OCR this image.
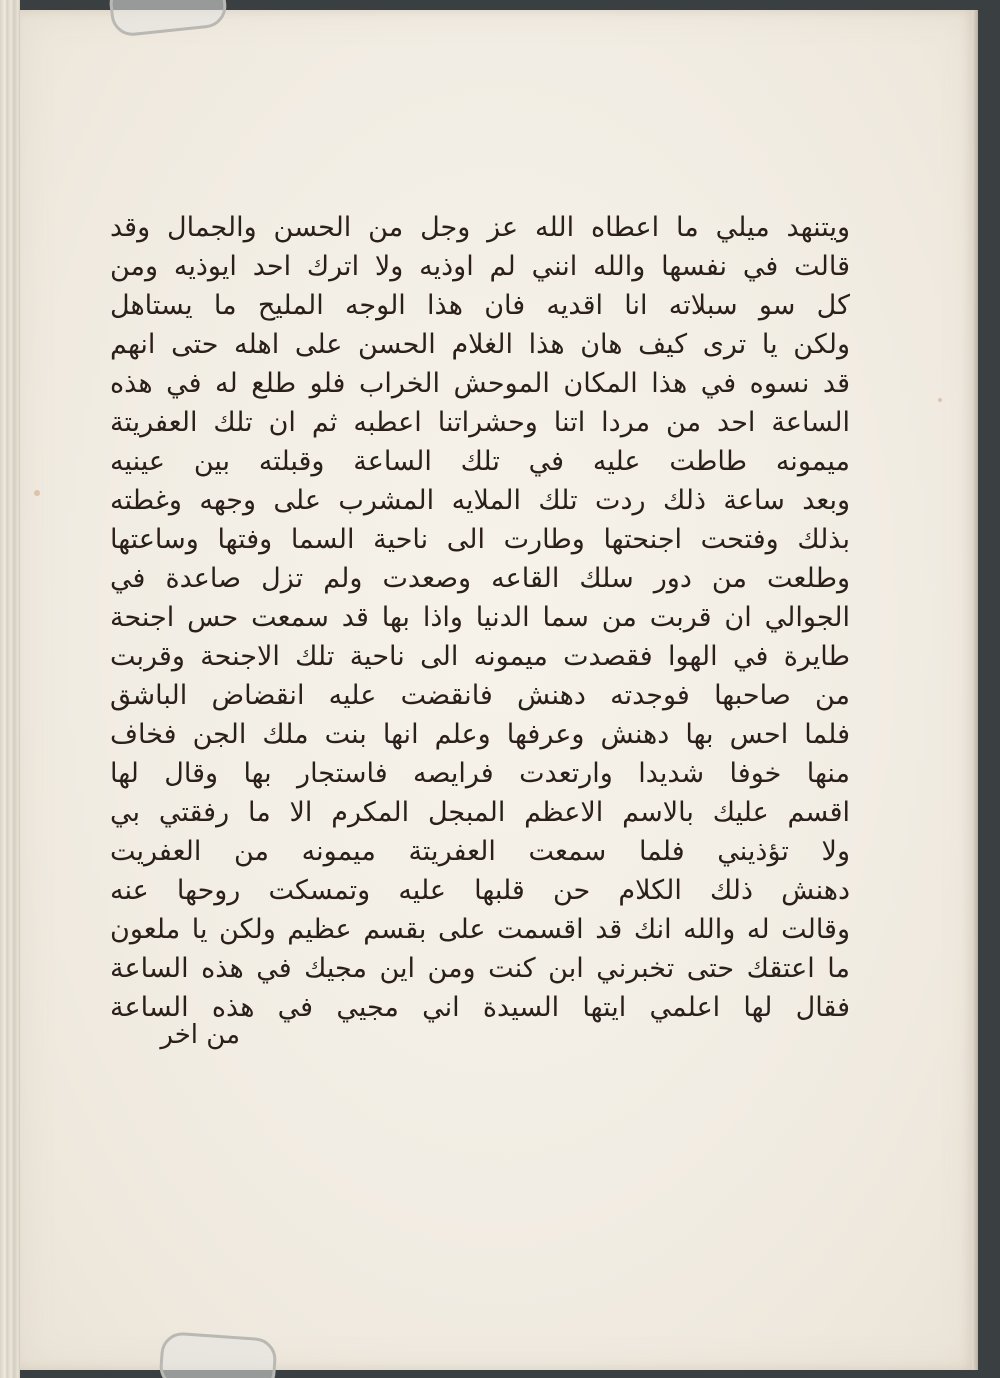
ويتنهد ميلي ما اعطاه الله عز وجل من الحسن والجمال وقد
قالت في نفسها والله انني لم اوذيه ولا اترك احد ايوذيه ومن
كل سو سبلاته انا اقديه فان هذا الوجه المليح ما يستاهل
ولكن يا ترى كيف هان هذا الغلام الحسن على اهله حتى انهم
قد نسوه في هذا المكان الموحش الخراب فلو طلع له في هذه
الساعة احد من مردا اتنا وحشراتنا اعطبه ثم ان تلك العفريتة
ميمونه طاطت عليه في تلك الساعة وقبلته بين عينيه
وبعد ساعة ذلك ردت تلك الملايه المشرب على وجهه وغطته
بذلك وفتحت اجنحتها وطارت الى ناحية السما وفتها وساعتها
وطلعت من دور سلك القاعه وصعدت ولم تزل صاعدة في
الجوالي ان قربت من سما الدنيا واذا بها قد سمعت حس اجنحة
طايرة في الهوا فقصدت ميمونه الى ناحية تلك الاجنحة وقربت
من صاحبها فوجدته دهنش فانقضت عليه انقضاض الباشق
فلما احس بها دهنش وعرفها وعلم انها بنت ملك الجن فخاف
منها خوفا شديدا وارتعدت فرايصه فاستجار بها وقال لها
اقسم عليك بالاسم الاعظم المبجل المكرم الا ما رفقتي بي
ولا تؤذيني فلما سمعت العفريتة ميمونه من العفريت
دهنش ذلك الكلام حن قلبها عليه وتمسكت روحها عنه
وقالت له والله انك قد اقسمت على بقسم عظيم ولكن يا ملعون
ما اعتقك حتى تخبرني ابن كنت ومن اين مجيك في هذه الساعة
فقال لها اعلمي ايتها السيدة اني مجيي في هذه الساعة
من اخر
